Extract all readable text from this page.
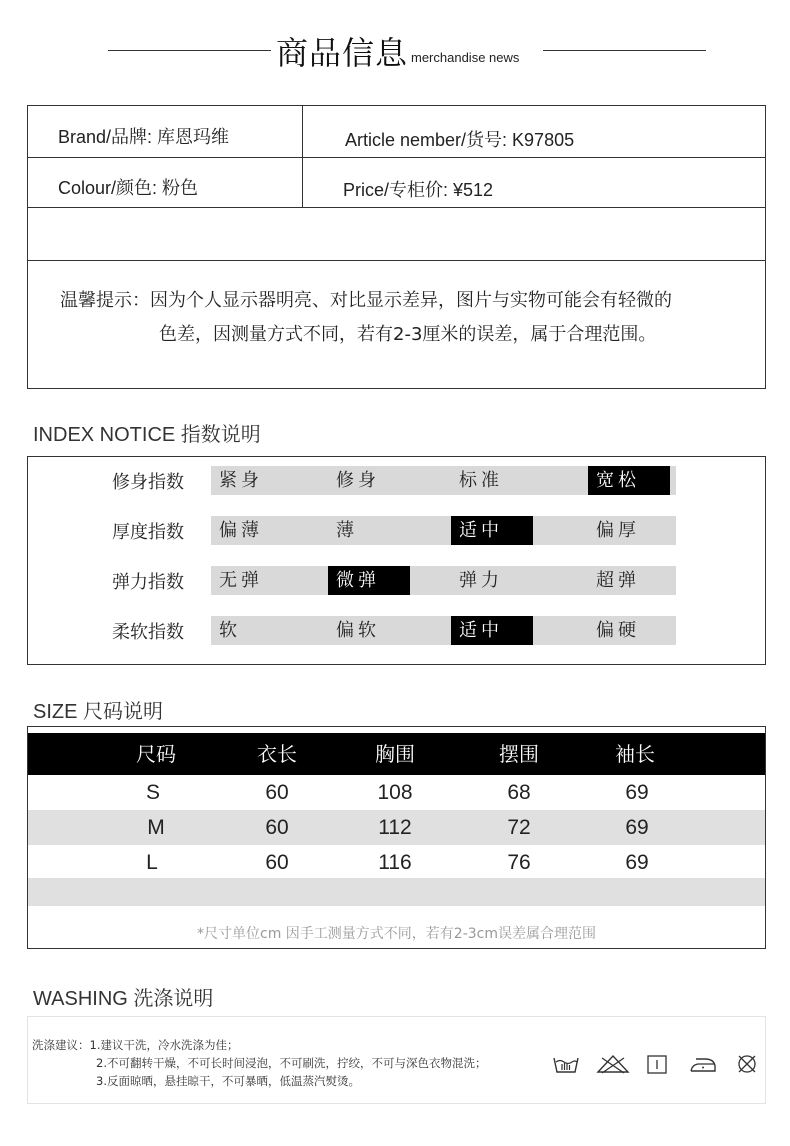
商品信息 merchandise news
Brand/品牌: 库恩玛维	Article nember/货号: K97805
Colour/颜色: 粉色	Price/专柜价: ¥512
温馨提示：因为个人显示器明亮、对比显示差异，图片与实物可能会有轻微的
色差，因测量方式不同，若有2-3厘米的误差，属于合理范围。
INDEX NOTICE 指数说明
修身指数	紧身	修身	标准	宽松
厚度指数	偏薄	薄	适中	偏厚
弹力指数	无弹	微弹	弹力	超弹
柔软指数	软	偏软	适中	偏硬
SIZE 尺码说明
尺码	衣长	胸围	摆围	袖长
S	60	108	68	69
M	60	112	72	69
L	60	116	76	69
*尺寸单位cm 因手工测量方式不同，若有2-3cm误差属合理范围
WASHING 洗涤说明
洗涤建议：1.建议干洗，冷水洗涤为佳；
2.不可翻转干燥，不可长时间浸泡，不可刷洗，拧绞，不可与深色衣物混洗；
3.反面晾晒，悬挂晾干，不可暴晒，低温蒸汽熨烫。
